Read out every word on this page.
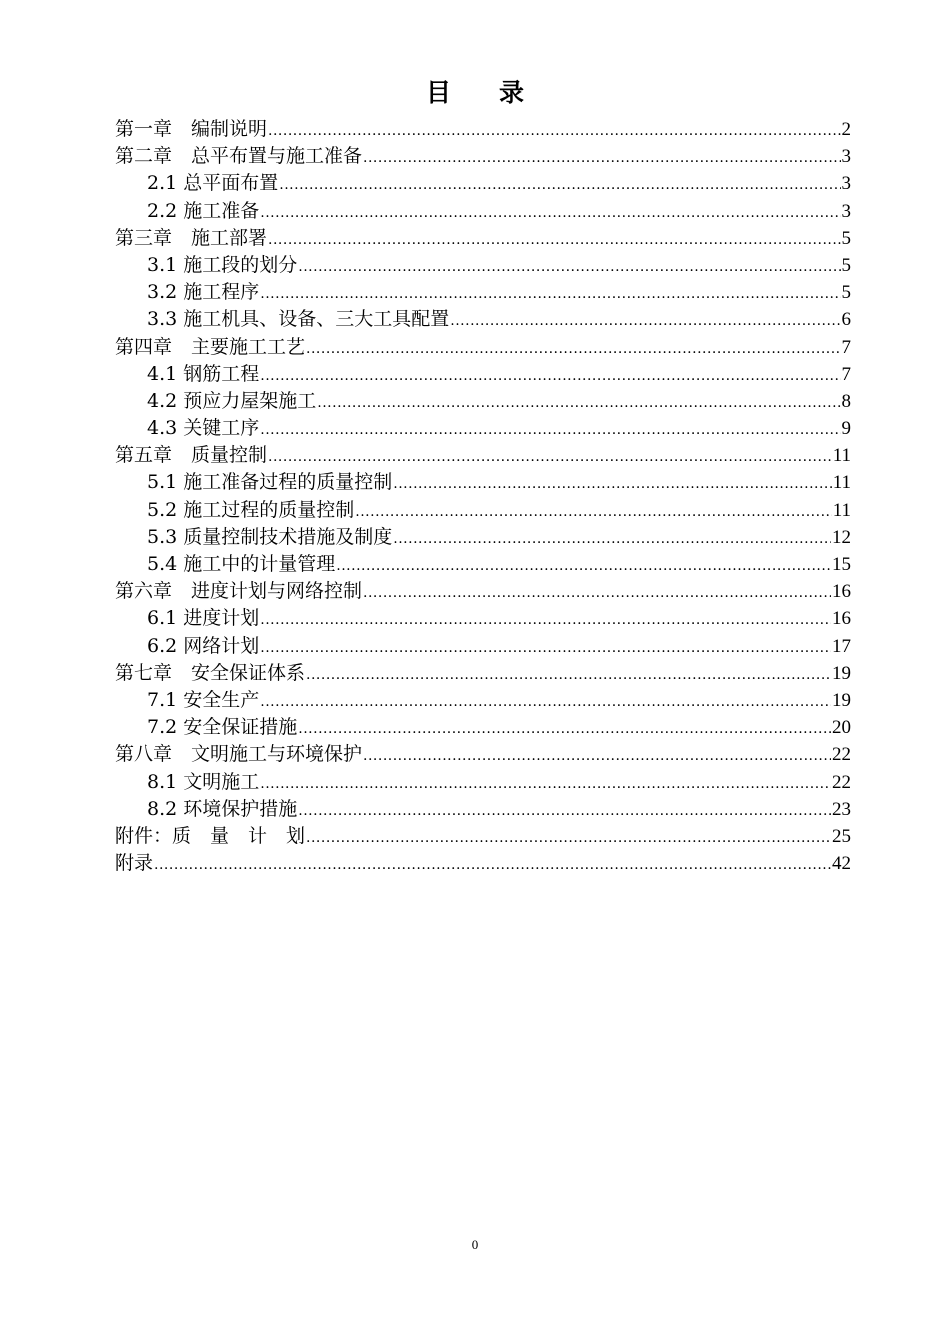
目 录
第一章　编制说明 .....	2
第二章　总平布置与施工准备 .....	3
2.1 总平面布置 .....	3
2.2 施工准备 .....	3
第三章　施工部署 .....	5
3.1 施工段的划分 .....	5
3.2 施工程序 .....	5
3.3 施工机具、设备、三大工具配置 .....	6
第四章　主要施工工艺 .....	7
4.1 钢筋工程 .....	7
4.2 预应力屋架施工 .....	8
4.3 关键工序 .....	9
第五章　质量控制 .....	11
5.1 施工准备过程的质量控制 .....	11
5.2 施工过程的质量控制 .....	11
5.3 质量控制技术措施及制度 .....	12
5.4 施工中的计量管理 .....	15
第六章　进度计划与网络控制 .....	16
6.1 进度计划 .....	16
6.2 网络计划 .....	17
第七章　安全保证体系 .....	19
7.1 安全生产 .....	19
7.2 安全保证措施 .....	20
第八章　文明施工与环境保护 .....	22
8.1 文明施工 .....	22
8.2 环境保护措施 .....	23
附件：质　量　计　划 .....	25
附录 .....	42
0
